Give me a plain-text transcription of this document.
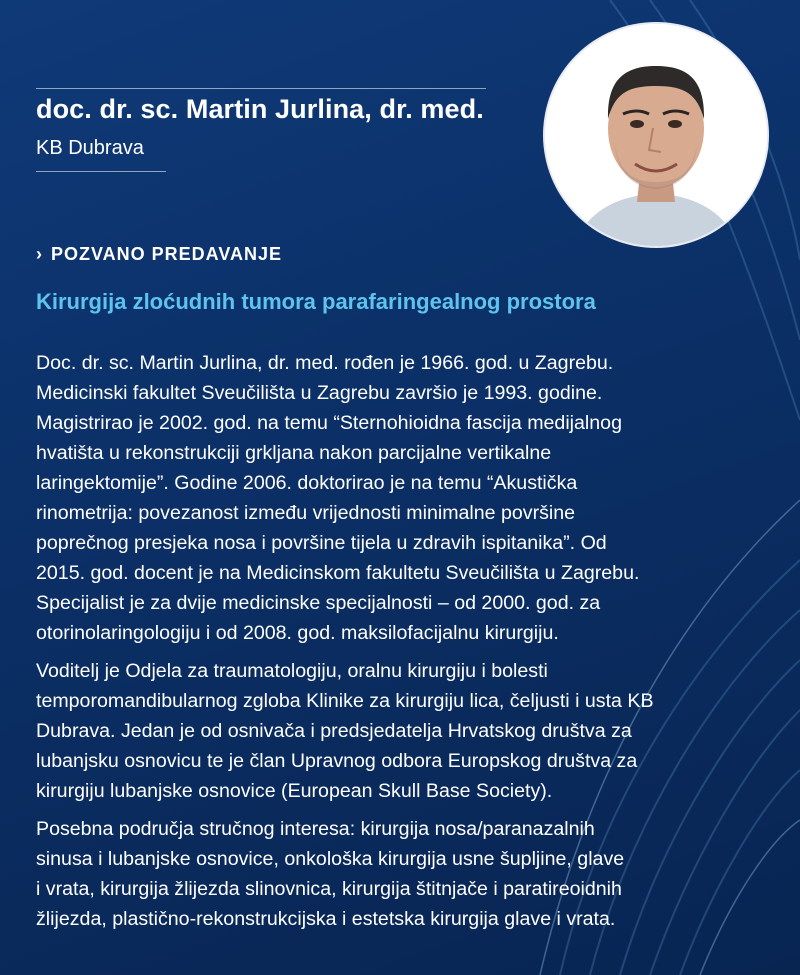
doc. dr. sc. Martin Jurlina, dr. med.

KB Dubrava

› POZVANO PREDAVANJE

Kirurgija zloćudnih tumora parafaringealnog prostora

Doc. dr. sc. Martin Jurlina, dr. med. rođen je 1966. god. u Zagrebu.
Medicinski fakultet Sveučilišta u Zagrebu završio je 1993. godine.
Magistrirao je 2002. god. na temu “Sternohioidna fascija medijalnog
hvatišta u rekonstrukciji grkljana nakon parcijalne vertikalne
laringektomije”. Godine 2006. doktorirao je na temu “Akustička
rinometrija: povezanost između vrijednosti minimalne površine
poprečnog presjeka nosa i površine tijela u zdravih ispitanika”. Od
2015. god. docent je na Medicinskom fakultetu Sveučilišta u Zagrebu.
Specijalist je za dvije medicinske specijalnosti – od 2000. god. za
otorinolaringologiju i od 2008. god. maksilofacijalnu kirurgiju.

Voditelj je Odjela za traumatologiju, oralnu kirurgiju i bolesti
temporomandibularnog zgloba Klinike za kirurgiju lica, čeljusti i usta KB
Dubrava. Jedan je od osnivača i predsjedatelja Hrvatskog društva za
lubanjsku osnovicu te je član Upravnog odbora Europskog društva za
kirurgiju lubanjske osnovice (European Skull Base Society).

Posebna područja stručnog interesa: kirurgija nosa/paranazalnih
sinusa i lubanjske osnovice, onkološka kirurgija usne šupljine, glave
i vrata, kirurgija žlijezda slinovnica, kirurgija štitnjače i paratireoidnih
žlijezda, plastično-rekonstrukcijska i estetska kirurgija glave i vrata.
